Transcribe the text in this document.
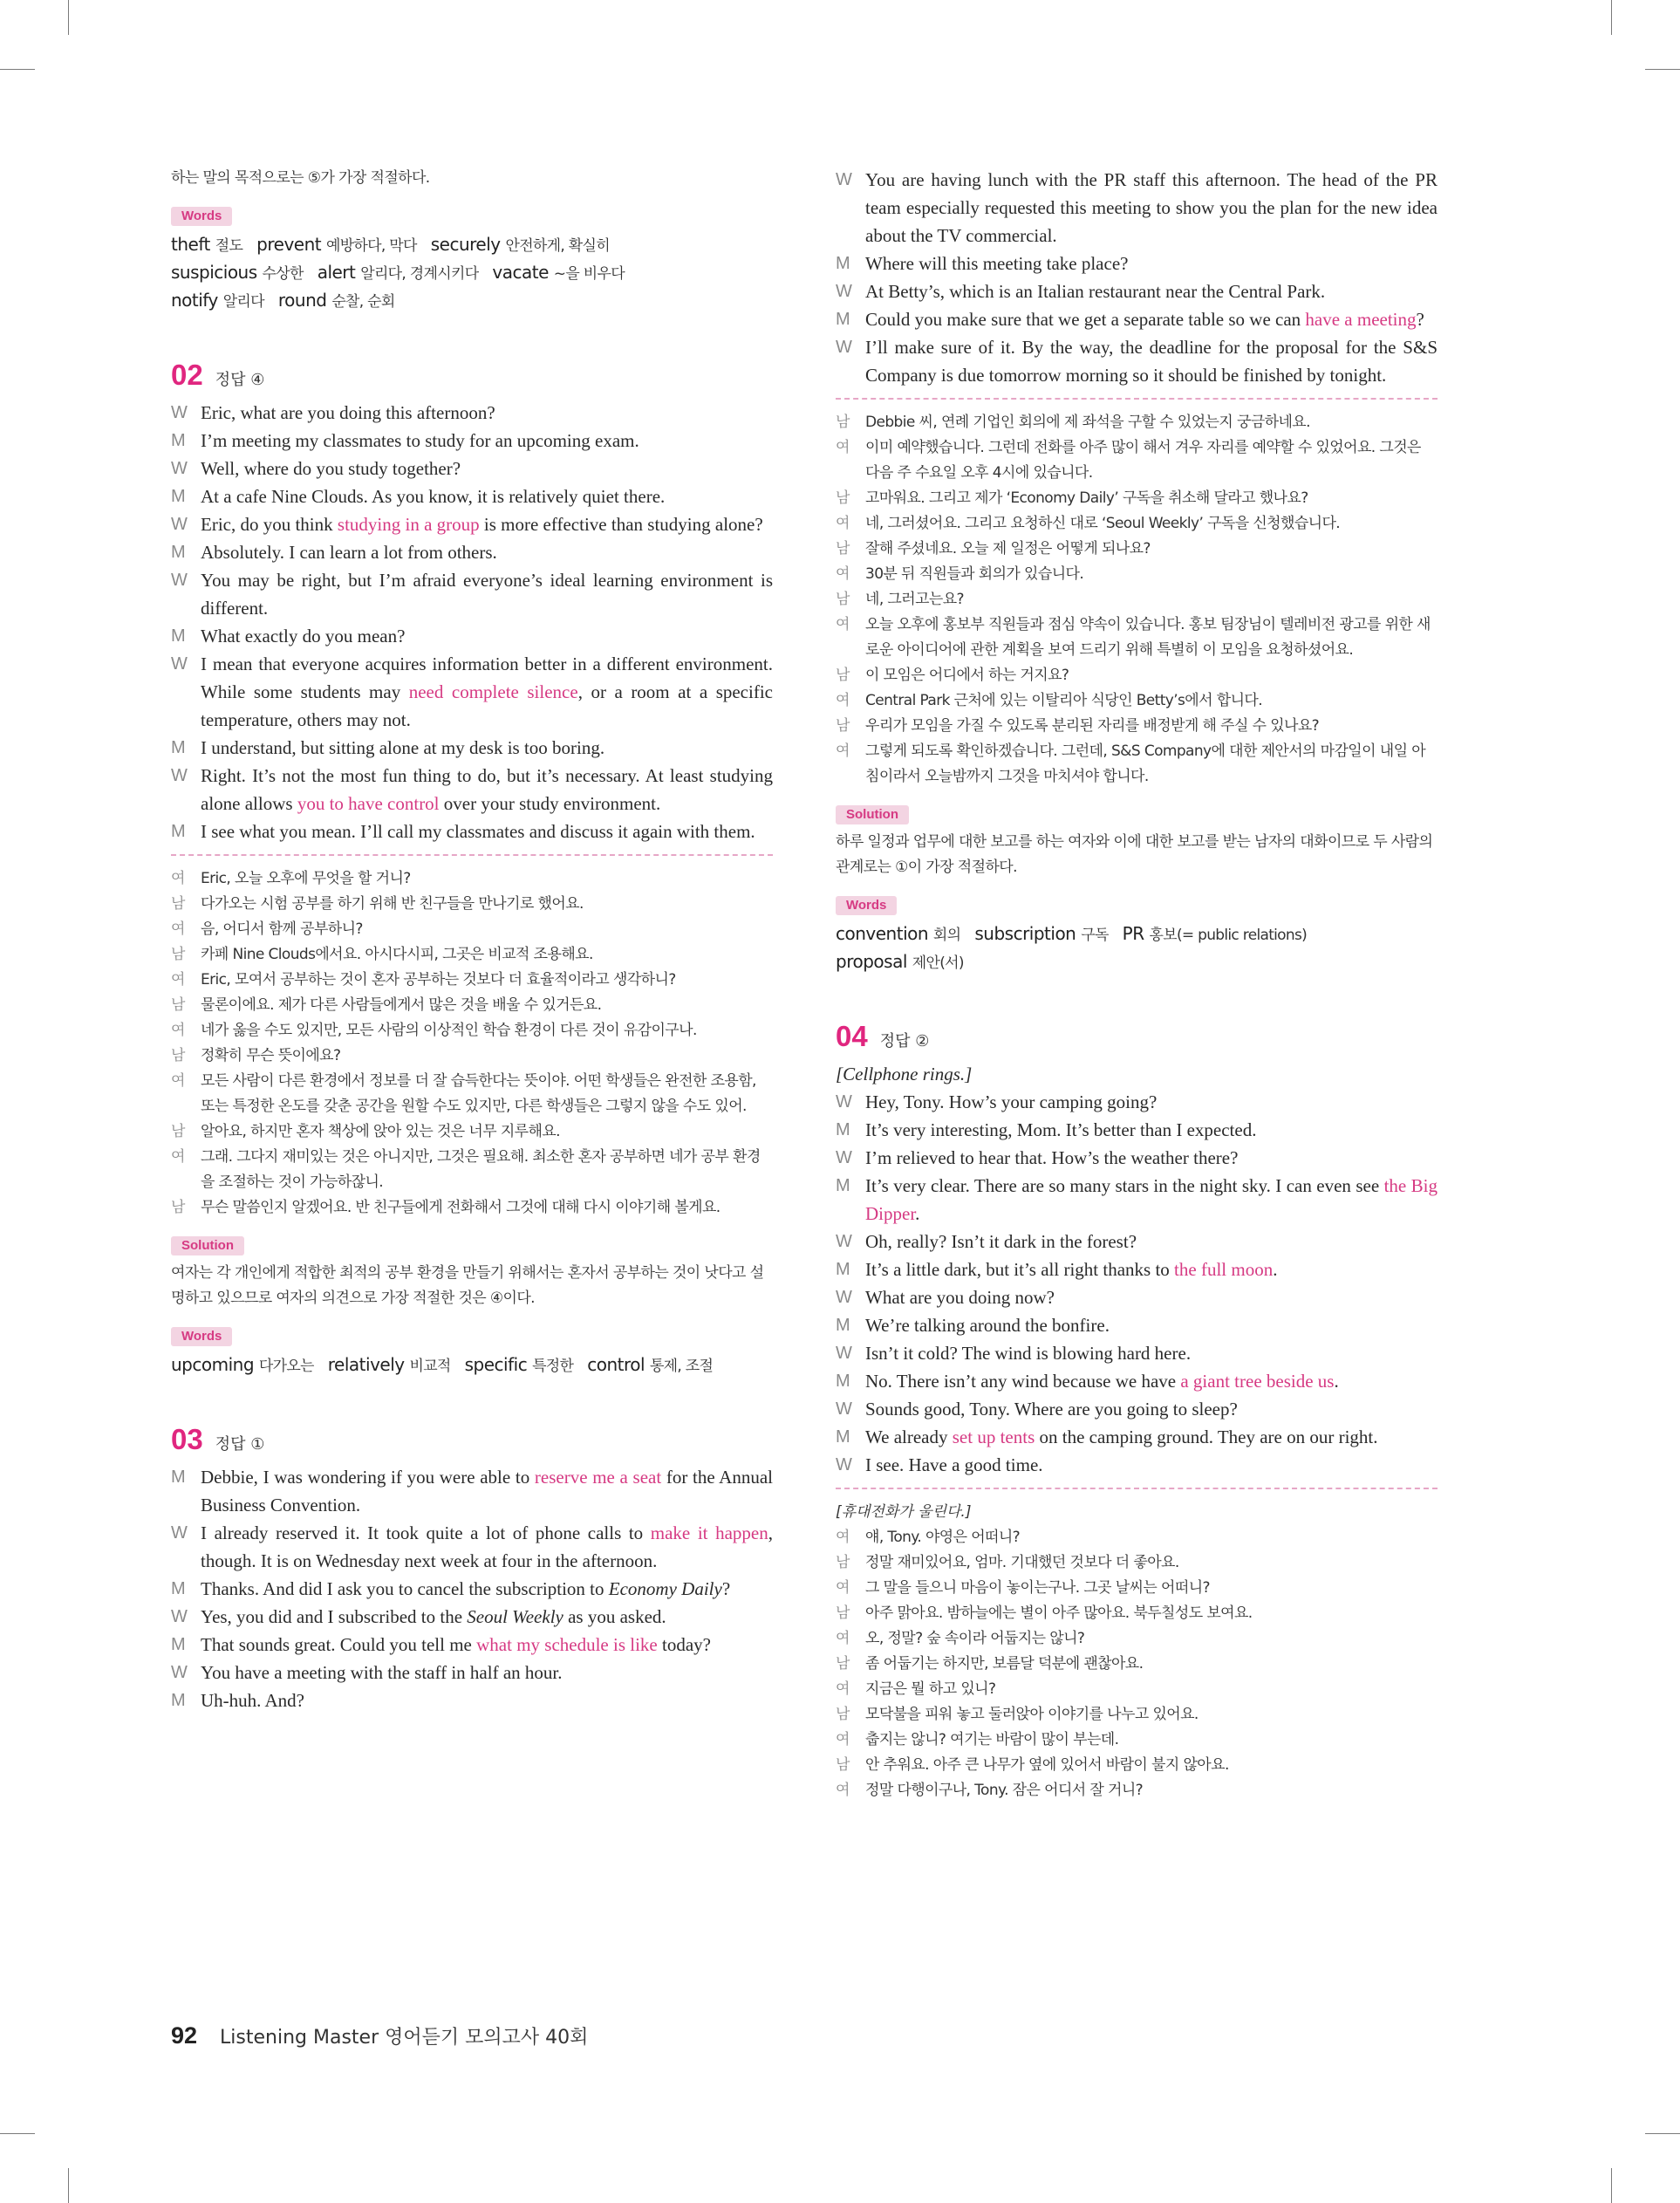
하는 말의 목적으로는 ⑤가 가장 적절하다.
Words
theft 절도 prevent 예방하다, 막다 securely 안전하게, 확실히
suspicious 수상한 alert 알리다, 경계시키다 vacate ~을 비우다
notify 알리다 round 순찰, 순회
02 정답 ④
W Eric, what are you doing this afternoon?
M I’m meeting my classmates to study for an upcoming exam.
W Well, where do you study together?
M At a cafe Nine Clouds. As you know, it is relatively quiet there.
W Eric, do you think studying in a group is more effective than studying alone?
M Absolutely. I can learn a lot from others.
W You may be right, but I’m afraid everyone’s ideal learning environment is different.
M What exactly do you mean?
W I mean that everyone acquires information better in a different environment. While some students may need complete silence, or a room at a specific temperature, others may not.
M I understand, but sitting alone at my desk is too boring.
W Right. It’s not the most fun thing to do, but it’s necessary. At least studying alone allows you to have control over your study environment.
M I see what you mean. I’ll call my classmates and discuss it again with them.
여	Eric, 오늘 오후에 무엇을 할 거니?
남	다가오는 시험 공부를 하기 위해 반 친구들을 만나기로 했어요.
여	음, 어디서 함께 공부하니?
남	카페 Nine Clouds에서요. 아시다시피, 그곳은 비교적 조용해요.
여	Eric, 모여서 공부하는 것이 혼자 공부하는 것보다 더 효율적이라고 생각하니?
남	물론이에요. 제가 다른 사람들에게서 많은 것을 배울 수 있거든요.
여	네가 옳을 수도 있지만, 모든 사람의 이상적인 학습 환경이 다른 것이 유감이구나.
남	정확히 무슨 뜻이에요?
여	모든 사람이 다른 환경에서 정보를 더 잘 습득한다는 뜻이야. 어떤 학생들은 완전한 조용함, 또는 특정한 온도를 갖춘 공간을 원할 수도 있지만, 다른 학생들은 그렇지 않을 수도 있어.
남	알아요, 하지만 혼자 책상에 앉아 있는 것은 너무 지루해요.
여	그래. 그다지 재미있는 것은 아니지만, 그것은 필요해. 최소한 혼자 공부하면 네가 공부 환경을 조절하는 것이 가능하잖니.
남	무슨 말씀인지 알겠어요. 반 친구들에게 전화해서 그것에 대해 다시 이야기해 볼게요.
Solution
여자는 각 개인에게 적합한 최적의 공부 환경을 만들기 위해서는 혼자서 공부하는 것이 낫다고 설명하고 있으므로 여자의 의견으로 가장 적절한 것은 ④이다.
Words
upcoming 다가오는 relatively 비교적 specific 특정한 control 통제, 조절
03 정답 ①
M Debbie, I was wondering if you were able to reserve me a seat for the Annual Business Convention.
W I already reserved it. It took quite a lot of phone calls to make it happen, though. It is on Wednesday next week at four in the afternoon.
M Thanks. And did I ask you to cancel the subscription to Economy Daily?
W Yes, you did and I subscribed to the Seoul Weekly as you asked.
M That sounds great. Could you tell me what my schedule is like today?
W You have a meeting with the staff in half an hour.
M Uh-huh. And?
W You are having lunch with the PR staff this afternoon. The head of the PR team especially requested this meeting to show you the plan for the new idea about the TV commercial.
M Where will this meeting take place?
W At Betty’s, which is an Italian restaurant near the Central Park.
M Could you make sure that we get a separate table so we can have a meeting?
W I’ll make sure of it. By the way, the deadline for the proposal for the S&S Company is due tomorrow morning so it should be finished by tonight.
남	Debbie 씨, 연례 기업인 회의에 제 좌석을 구할 수 있었는지 궁금하네요.
여	이미 예약했습니다. 그런데 전화를 아주 많이 해서 겨우 자리를 예약할 수 있었어요. 그것은 다음 주 수요일 오후 4시에 있습니다.
남	고마워요. 그리고 제가 ‘Economy Daily’ 구독을 취소해 달라고 했나요?
여	네, 그러셨어요. 그리고 요청하신 대로 ‘Seoul Weekly’ 구독을 신청했습니다.
남	잘해 주셨네요. 오늘 제 일정은 어떻게 되나요?
여	30분 뒤 직원들과 회의가 있습니다.
남	네, 그러고는요?
여	오늘 오후에 홍보부 직원들과 점심 약속이 있습니다. 홍보 팀장님이 텔레비전 광고를 위한 새로운 아이디어에 관한 계획을 보여 드리기 위해 특별히 이 모임을 요청하셨어요.
남	이 모임은 어디에서 하는 거지요?
여	Central Park 근처에 있는 이탈리아 식당인 Betty’s에서 합니다.
남	우리가 모임을 가질 수 있도록 분리된 자리를 배정받게 해 주실 수 있나요?
여	그렇게 되도록 확인하겠습니다. 그런데, S&S Company에 대한 제안서의 마감일이 내일 아침이라서 오늘밤까지 그것을 마치셔야 합니다.
Solution
하루 일정과 업무에 대한 보고를 하는 여자와 이에 대한 보고를 받는 남자의 대화이므로 두 사람의 관계로는 ①이 가장 적절하다.
Words
convention 회의 subscription 구독 PR 홍보(= public relations)
proposal 제안(서)
04 정답 ②
[Cellphone rings.]
W Hey, Tony. How’s your camping going?
M It’s very interesting, Mom. It’s better than I expected.
W I’m relieved to hear that. How’s the weather there?
M It’s very clear. There are so many stars in the night sky. I can even see the Big Dipper.
W Oh, really? Isn’t it dark in the forest?
M It’s a little dark, but it’s all right thanks to the full moon.
W What are you doing now?
M We’re talking around the bonfire.
W Isn’t it cold? The wind is blowing hard here.
M No. There isn’t any wind because we have a giant tree beside us.
W Sounds good, Tony. Where are you going to sleep?
M We already set up tents on the camping ground. They are on our right.
W I see. Have a good time.
[휴대전화가 울린다.]
여	얘, Tony. 야영은 어떠니?
남	정말 재미있어요, 엄마. 기대했던 것보다 더 좋아요.
여	그 말을 들으니 마음이 놓이는구나. 그곳 날씨는 어떠니?
남	아주 맑아요. 밤하늘에는 별이 아주 많아요. 북두칠성도 보여요.
여	오, 정말? 숲 속이라 어둡지는 않니?
남	좀 어둡기는 하지만, 보름달 덕분에 괜찮아요.
여	지금은 뭘 하고 있니?
남	모닥불을 피워 놓고 둘러앉아 이야기를 나누고 있어요.
여	춥지는 않니? 여기는 바람이 많이 부는데.
남	안 추워요. 아주 큰 나무가 옆에 있어서 바람이 불지 않아요.
여	정말 다행이구나, Tony. 잠은 어디서 잘 거니?
92 Listening Master 영어듣기 모의고사 40회
